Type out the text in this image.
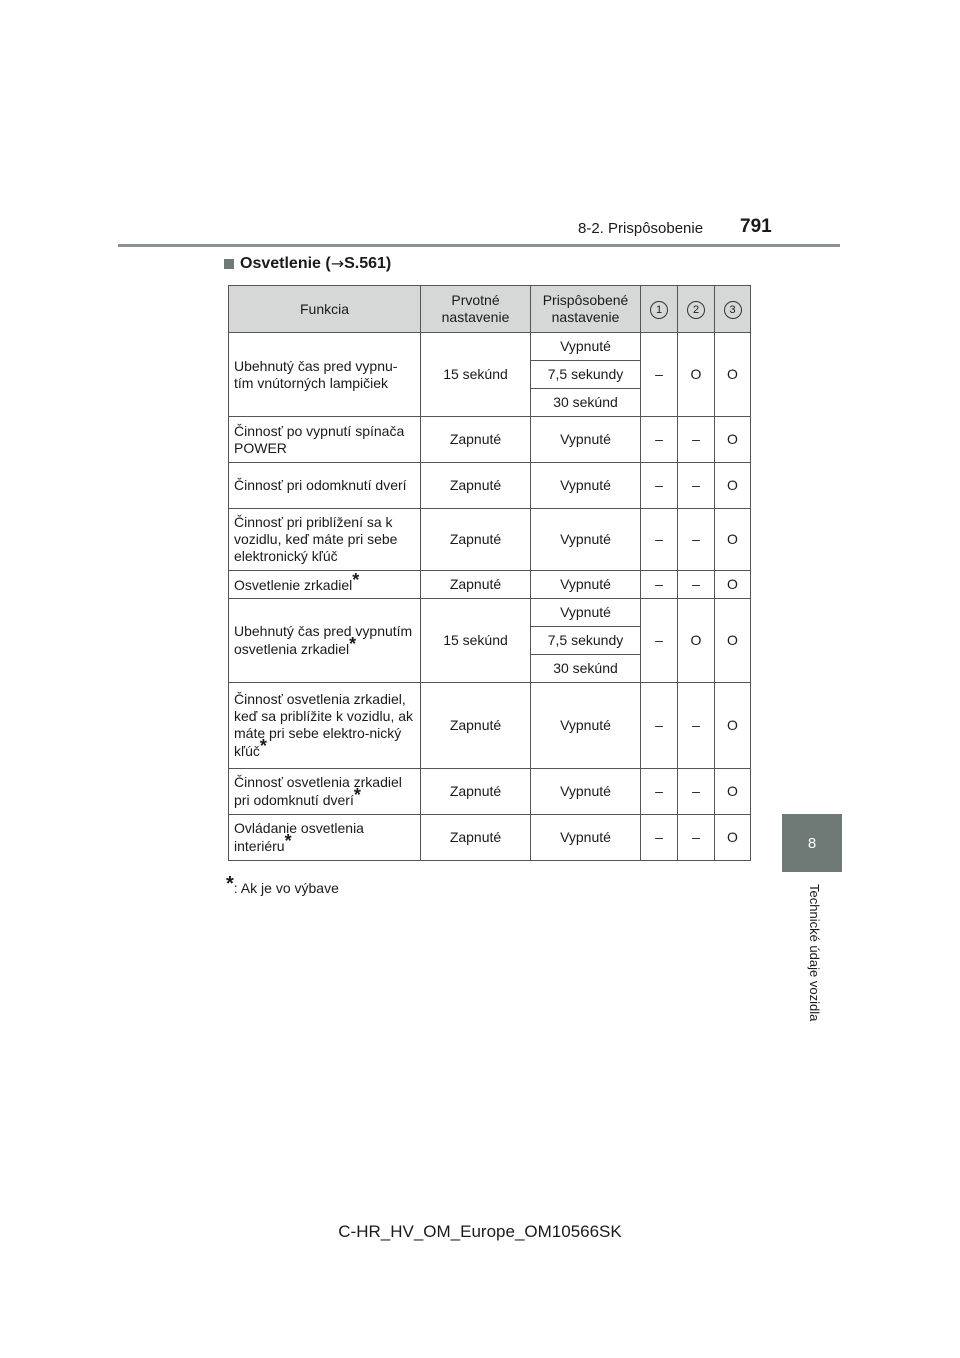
8-2. Prispôsobenie 791
8
Technické údaje vozidla
Osvetlenie ( → S.561)
Funkcia	Prvotné nastavenie	Prispôsobené nastavenie	1	2	3
Ubehnutý čas pred vypnu-tím vnútorných lampičiek	15 sekúnd	Vypnuté	–	O	O
		7,5 sekundy			
		30 sekúnd			
Činnosť po vypnutí spínača POWER	Zapnuté	Vypnuté	–	–	O
Činnosť pri odomknutí dverí	Zapnuté	Vypnuté	–	–	O
Činnosť pri priblížení sa k vozidlu, keď máte pri sebe elektronický kľúč	Zapnuté	Vypnuté	–	–	O
Osvetlenie zrkadiel*	Zapnuté	Vypnuté	–	–	O
Ubehnutý čas pred vypnutím osvetlenia zrkadiel*	15 sekúnd	Vypnuté	–	O	O
		7,5 sekundy			
		30 sekúnd			
Činnosť osvetlenia zrkadiel, keď sa priblížite k vozidlu, ak máte pri sebe elektro-nický kľúč*	Zapnuté	Vypnuté	–	–	O
Činnosť osvetlenia zrkadiel pri odomknutí dverí*	Zapnuté	Vypnuté	–	–	O
Ovládanie osvetlenia interiéru*	Zapnuté	Vypnuté	–	–	O
*: Ak je vo výbave
C-HR_HV_OM_Europe_OM10566SK
